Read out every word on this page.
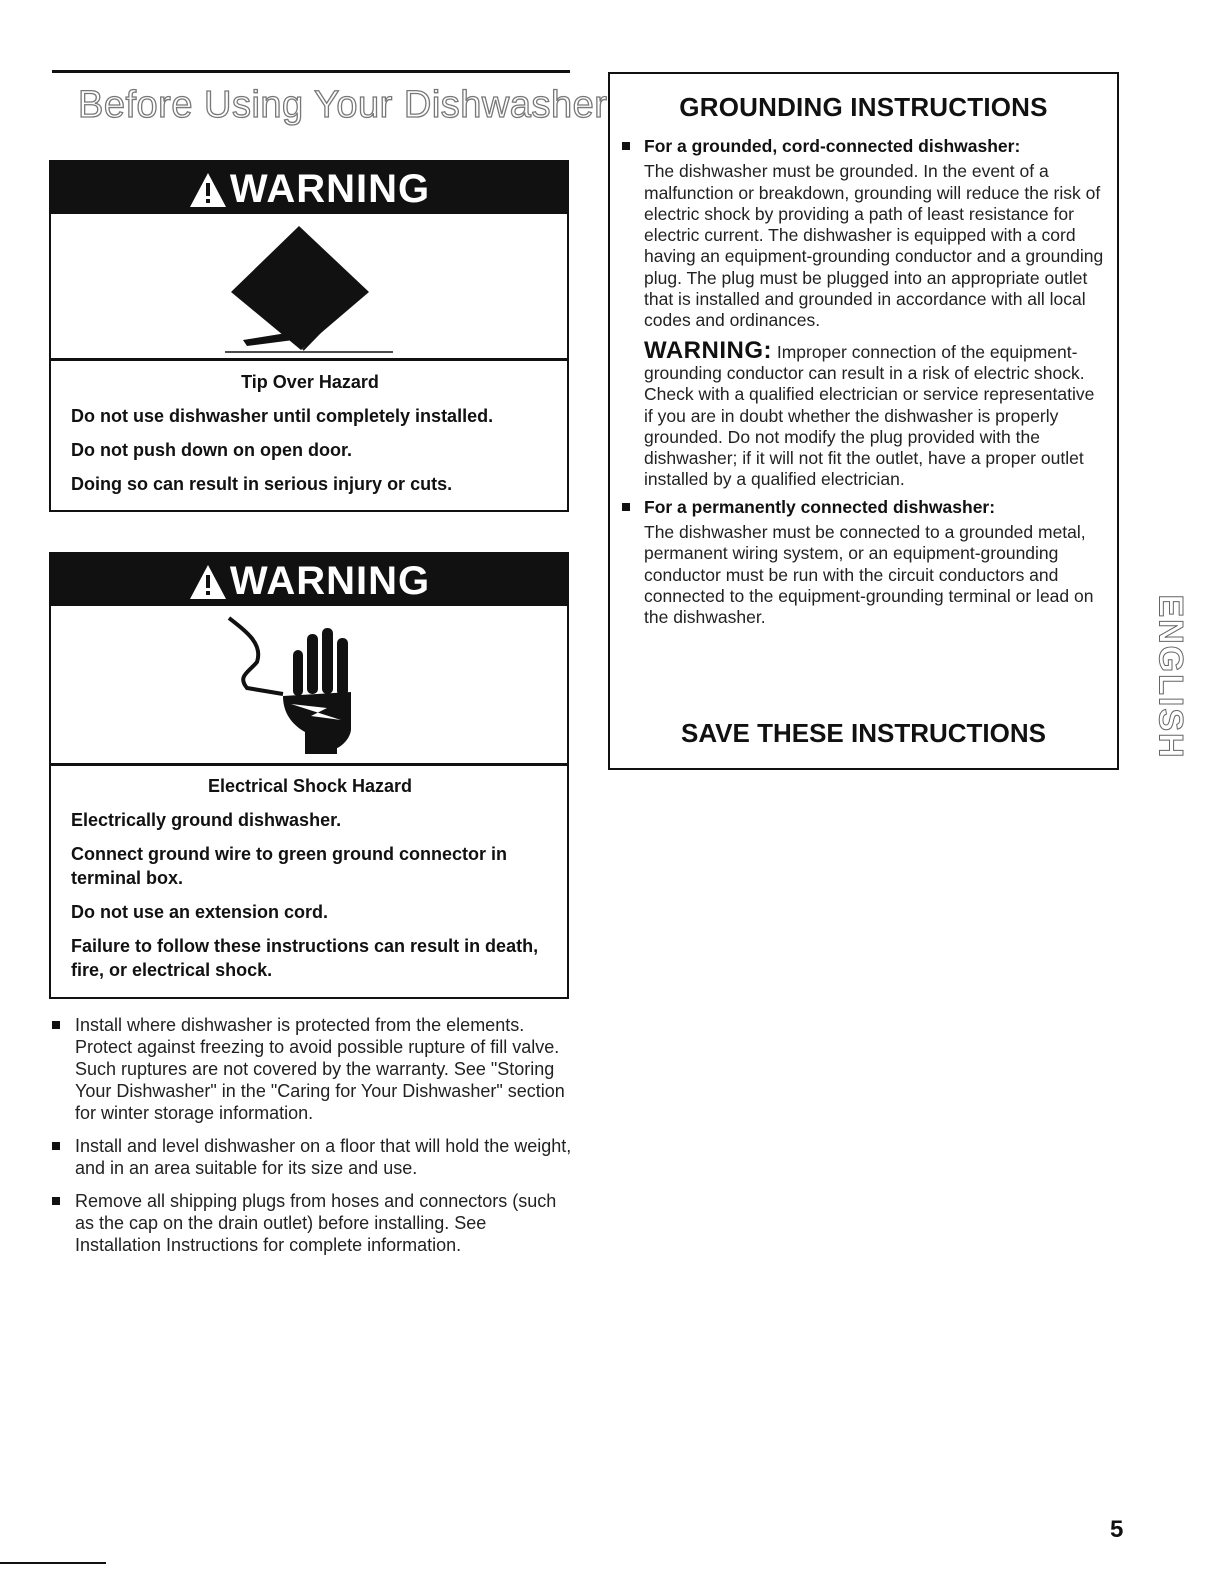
Before Using Your Dishwasher
WARNING
Tip Over Hazard

Do not use dishwasher until completely installed.

Do not push down on open door.

Doing so can result in serious injury or cuts.

WARNING
Electrical Shock Hazard

Electrically ground dishwasher.

Connect ground wire to green ground connector in terminal box.

Do not use an extension cord.

Failure to follow these instructions can result in death, fire, or electrical shock.

Install where dishwasher is protected from the elements. Protect against freezing to avoid possible rupture of fill valve. Such ruptures are not covered by the warranty. See "Storing Your Dishwasher" in the "Caring for Your Dishwasher" section for winter storage information.
Install and level dishwasher on a floor that will hold the weight, and in an area suitable for its size and use.
Remove all shipping plugs from hoses and connectors (such as the cap on the drain outlet) before installing. See Installation Instructions for complete information.
GROUNDING INSTRUCTIONS
For a grounded, cord-connected dishwasher:
The dishwasher must be grounded. In the event of a malfunction or breakdown, grounding will reduce the risk of electric shock by providing a path of least resistance for electric current. The dishwasher is equipped with a cord having an equipment-grounding conductor and a grounding plug. The plug must be plugged into an appropriate outlet that is installed and grounded in accordance with all local codes and ordinances.
WARNING: Improper connection of the equipment-grounding conductor can result in a risk of electric shock. Check with a qualified electrician or service representative if you are in doubt whether the dishwasher is properly grounded. Do not modify the plug provided with the dishwasher; if it will not fit the outlet, have a proper outlet installed by a qualified electrician.
For a permanently connected dishwasher:
The dishwasher must be connected to a grounded metal, permanent wiring system, or an equipment-grounding conductor must be run with the circuit conductors and connected to the equipment-grounding terminal or lead on the dishwasher.
SAVE THESE INSTRUCTIONS	ENGLISH
5
